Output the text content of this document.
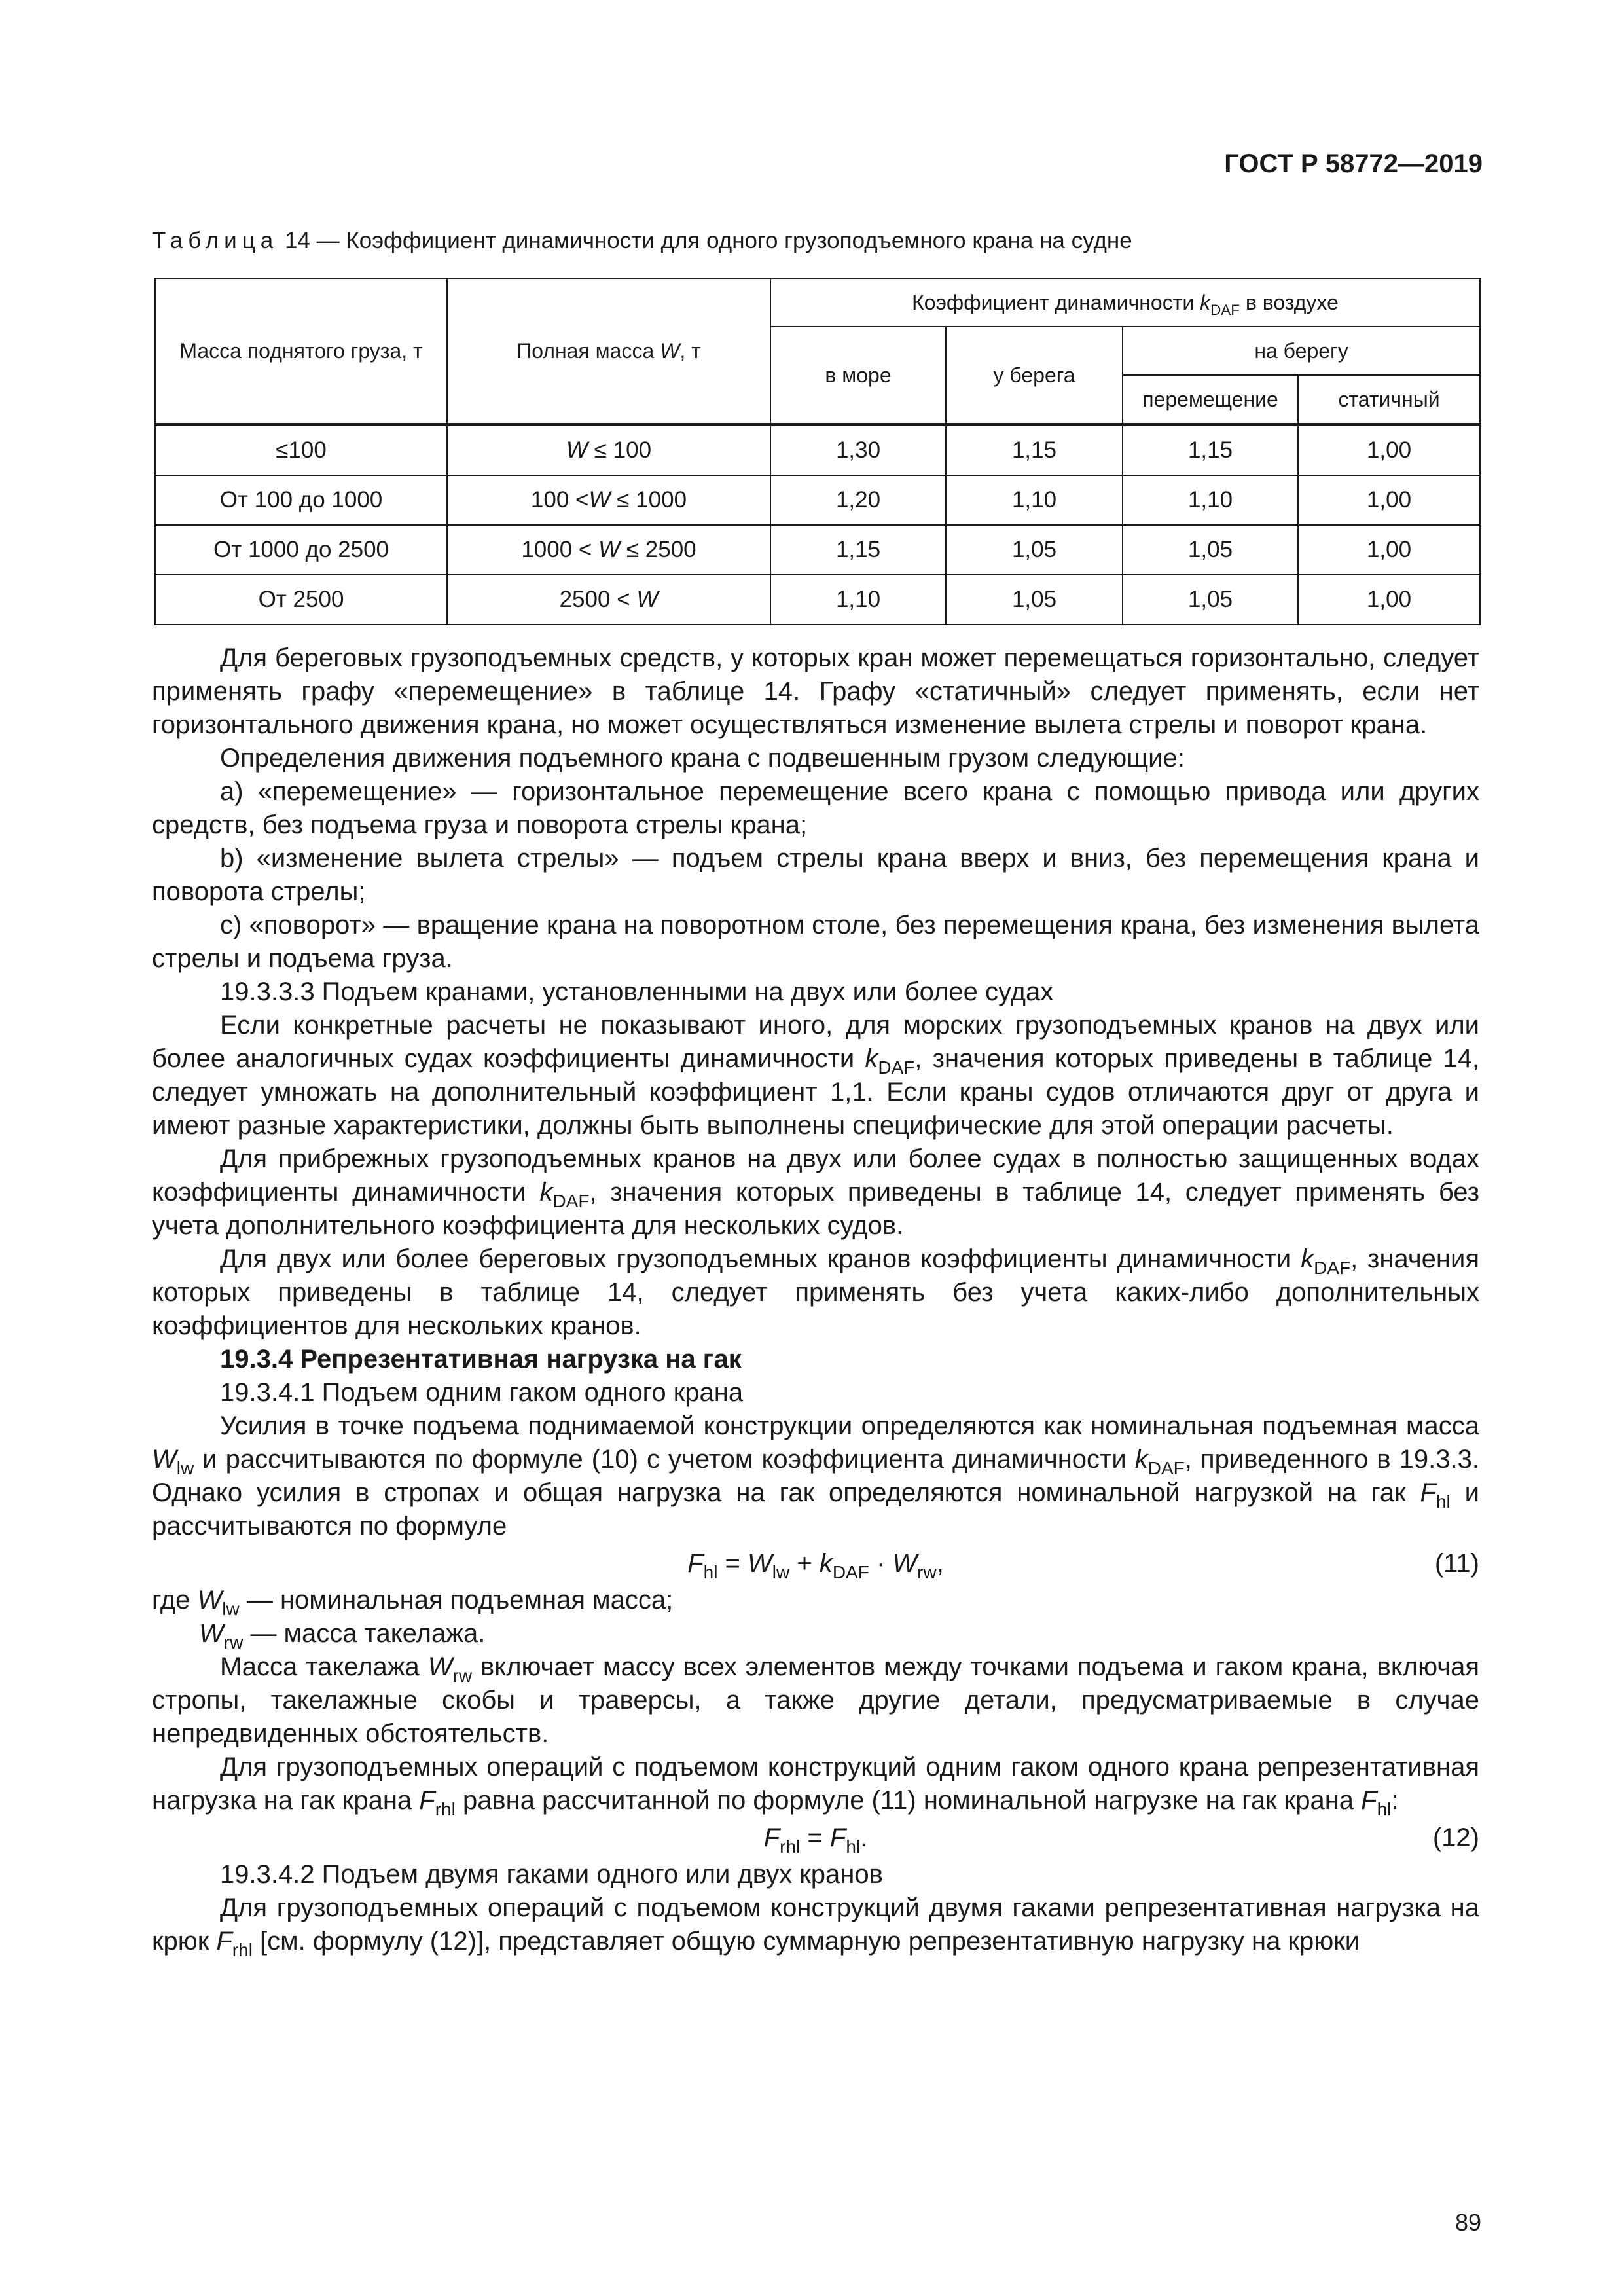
ГОСТ Р 58772—2019
Таблица 14 — Коэффициент динамичности для одного грузоподъемного крана на судне
Масса поднятого груза, т	Полная масса W, т	Коэффициент динамичности $k_{DAF}$ в воздухе			
		в море	у берега	на берегу	
				перемещение	статичный
≤100	W ≤ 100	1,30	1,15	1,15	1,00
От 100 до 1000	100 <W ≤ 1000	1,20	1,10	1,10	1,00
От 1000 до 2500	1000 < W ≤ 2500	1,15	1,05	1,05	1,00
От 2500	2500 < W	1,10	1,05	1,05	1,00

Для береговых грузоподъемных средств, у которых кран может перемещаться горизонтально, следует применять графу «перемещение» в таблице 14. Графу «статичный» следует применять, если нет горизонтального движения крана, но может осуществляться изменение вылета стрелы и поворот крана.

Определения движения подъемного крана с подвешенным грузом следующие:

а) «перемещение» — горизонтальное перемещение всего крана с помощью привода или других средств, без подъема груза и поворота стрелы крана;

b) «изменение вылета стрелы» — подъем стрелы крана вверх и вниз, без перемещения крана и поворота стрелы;

c) «поворот» — вращение крана на поворотном столе, без перемещения крана, без изменения вылета стрелы и подъема груза.

19.3.3.3 Подъем кранами, установленными на двух или более судах

Если конкретные расчеты не показывают иного, для морских грузоподъемных кранов на двух или более аналогичных судах коэффициенты динамичности $k_{DAF}$, значения которых приведены в таблице 14, следует умножать на дополнительный коэффициент 1,1. Если краны судов отличаются друг от друга и имеют разные характеристики, должны быть выполнены специфические для этой операции расчеты.

Для прибрежных грузоподъемных кранов на двух или более судах в полностью защищенных водах коэффициенты динамичности $k_{DAF}$, значения которых приведены в таблице 14, следует применять без учета дополнительного коэффициента для нескольких судов.

Для двух или более береговых грузоподъемных кранов коэффициенты динамичности $k_{DAF}$, значения которых приведены в таблице 14, следует применять без учета каких-либо дополнительных коэффициентов для нескольких кранов.

19.3.4 Репрезентативная нагрузка на гак

19.3.4.1 Подъем одним гаком одного крана

Усилия в точке подъема поднимаемой конструкции определяются как номинальная подъемная масса $W_{lw}$ и рассчитываются по формуле (10) с учетом коэффициента динамичности $k_{DAF}$, приведенного в 19.3.3. Однако усилия в стропах и общая нагрузка на гак определяются номинальной нагрузкой на гак $F_{hl}$ и рассчитываются по формуле

$F_{hl} = W_{lw} + k_{DAF} \cdot W_{rw}$,	(11)

где $W_{lw}$ — номинальная подъемная масса;

$W_{rw}$ — масса такелажа.

Масса такелажа $W_{rw}$ включает массу всех элементов между точками подъема и гаком крана, включая стропы, такелажные скобы и траверсы, а также другие детали, предусматриваемые в случае непредвиденных обстоятельств.

Для грузоподъемных операций с подъемом конструкций одним гаком одного крана репрезентативная нагрузка на гак крана $F_{rhl}$ равна рассчитанной по формуле (11) номинальной нагрузке на гак крана $F_{hl}$:

$F_{rhl} = F_{hl}$.	(12)

19.3.4.2 Подъем двумя гаками одного или двух кранов

Для грузоподъемных операций с подъемом конструкций двумя гаками репрезентативная нагрузка на крюк $F_{rhl}$ [см. формулу (12)], представляет общую суммарную репрезентативную нагрузку на крюки

89
